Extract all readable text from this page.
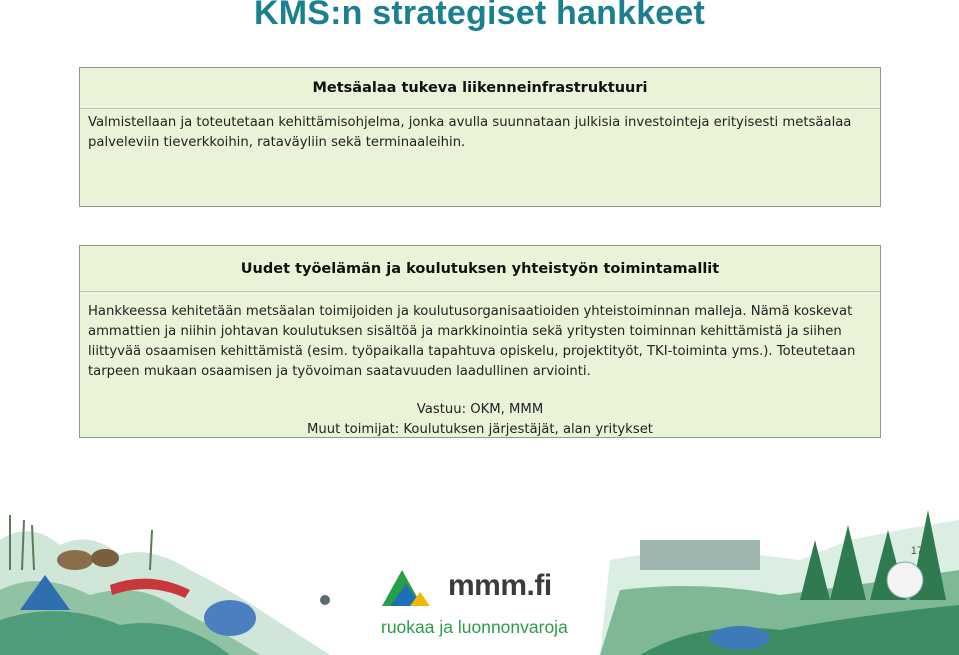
KMS:n strategiset hankkeet
Metsäalaa tukeva liikenneinfrastruktuuri
Valmistellaan ja toteutetaan kehittämisohjelma, jonka avulla suunnataan julkisia investointeja erityisesti metsäalaa palveleviin tieverkkoihin, rataväyliin sekä terminaaleihin.
Uudet työelämän ja koulutuksen yhteistyön toimintamallit
Hankkeessa kehitetään metsäalan toimijoiden ja koulutusorganisaatioiden yhteistoiminnan malleja. Nämä koskevat ammattien ja niihin johtavan koulutuksen sisältöä ja markkinointia sekä yritysten toiminnan kehittämistä ja siihen liittyvää osaamisen kehittämistä (esim. työpaikalla tapahtuva opiskelu, projektityöt, TKI-toiminta yms.). Toteutetaan tarpeen mukaan osaamisen ja työvoiman saatavuuden laadullinen arviointi.
Vastuu: OKM, MMM
Muut toimijat: Koulutuksen järjestäjät, alan yritykset
17
mmm.fi
ruokaa ja luonnonvaroja
